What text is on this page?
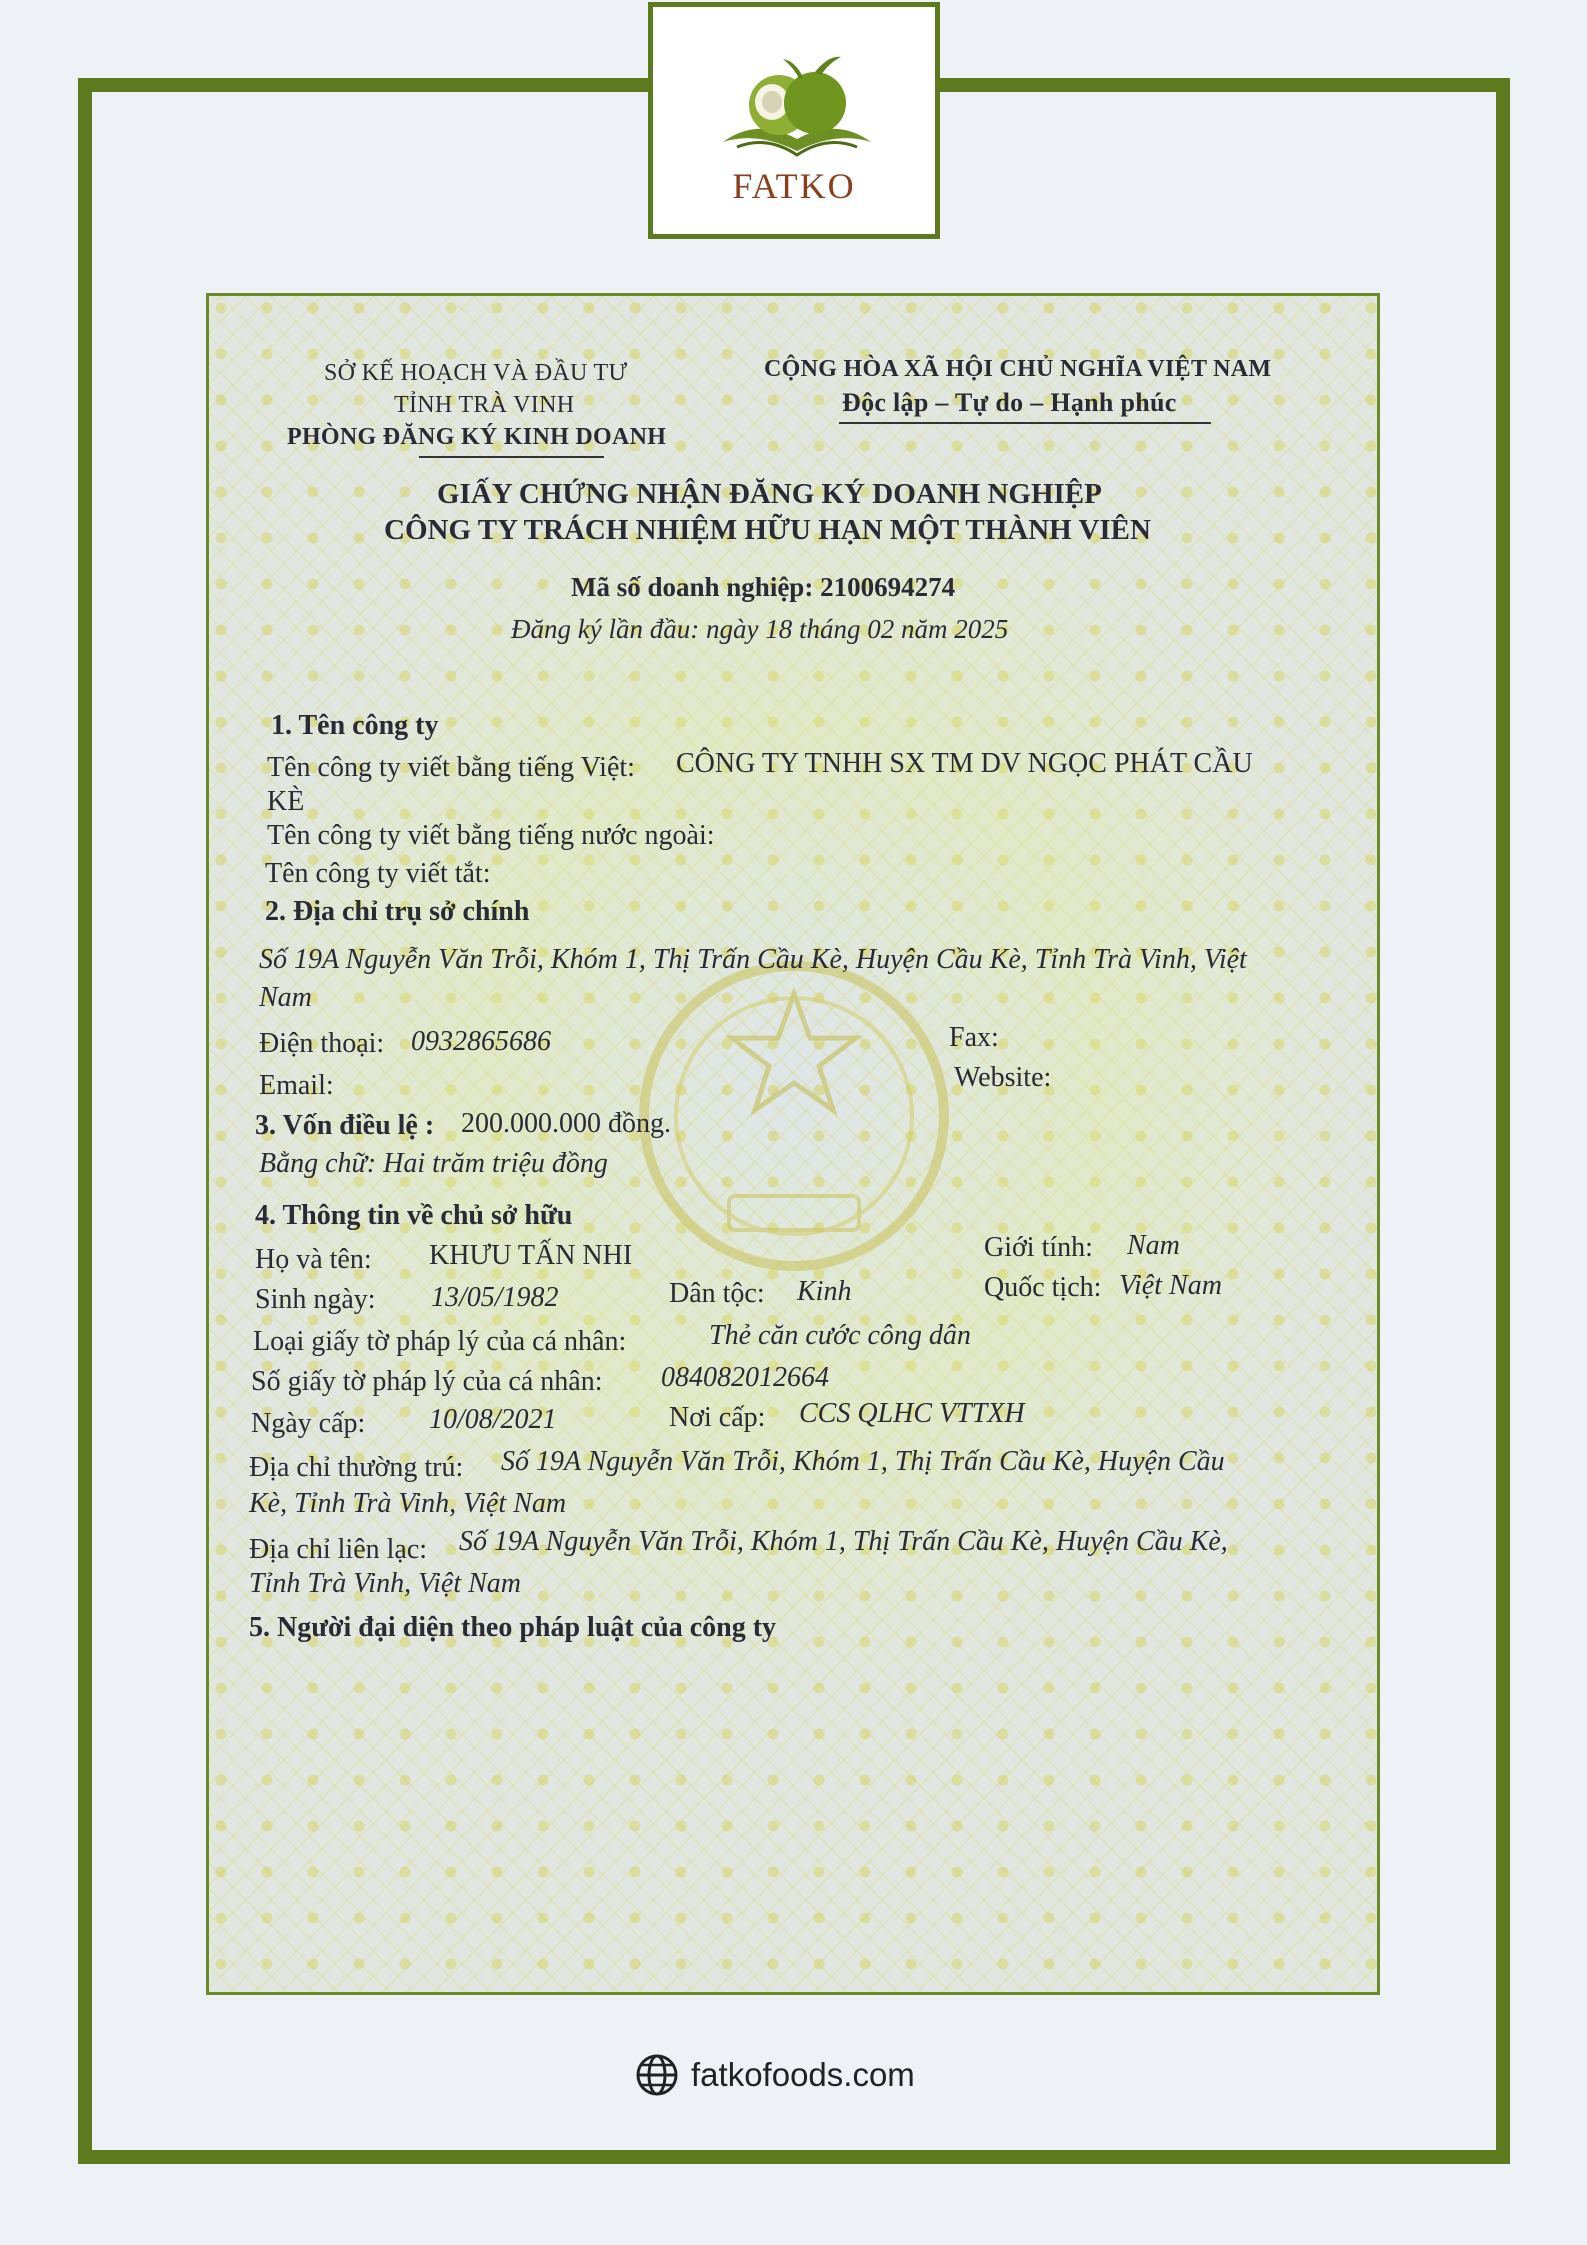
FATKO
SỞ KẾ HOẠCH VÀ ĐẦU TƯ
TỈNH TRÀ VINH
PHÒNG ĐĂNG KÝ KINH DOANH
CỘNG HÒA XÃ HỘI CHỦ NGHĨA VIỆT NAM
Độc lập – Tự do – Hạnh phúc
GIẤY CHỨNG NHẬN ĐĂNG KÝ DOANH NGHIỆP
CÔNG TY TRÁCH NHIỆM HỮU HẠN MỘT THÀNH VIÊN
Mã số doanh nghiệp: 2100694274
Đăng ký lần đầu: ngày 18 tháng 02 năm 2025
1. Tên công ty
Tên công ty viết bằng tiếng Việt: CÔNG TY TNHH SX TM DV NGỌC PHÁT CẦU
KÈ
Tên công ty viết bằng tiếng nước ngoài:
Tên công ty viết tắt:
2. Địa chỉ trụ sở chính
Số 19A Nguyễn Văn Trỗi, Khóm 1, Thị Trấn Cầu Kè, Huyện Cầu Kè, Tỉnh Trà Vinh, Việt
Nam
Điện thoại: 0932865686	Fax:
Email:	Website:
3. Vốn điều lệ : 200.000.000 đồng.
Bằng chữ: Hai trăm triệu đồng
4. Thông tin về chủ sở hữu
Họ và tên: KHƯU TẤN NHI	Giới tính: Nam
Sinh ngày: 13/05/1982	Dân tộc: Kinh	Quốc tịch: Việt Nam
Loại giấy tờ pháp lý của cá nhân:	Thẻ căn cước công dân
Số giấy tờ pháp lý của cá nhân: 084082012664
Ngày cấp: 10/08/2021	Nơi cấp: CCS QLHC VTTXH
Địa chỉ thường trú: Số 19A Nguyễn Văn Trỗi, Khóm 1, Thị Trấn Cầu Kè, Huyện Cầu
Kè, Tỉnh Trà Vinh, Việt Nam
Địa chỉ liên lạc: Số 19A Nguyễn Văn Trỗi, Khóm 1, Thị Trấn Cầu Kè, Huyện Cầu Kè,
Tỉnh Trà Vinh, Việt Nam
5. Người đại diện theo pháp luật của công ty
fatkofoods.com
